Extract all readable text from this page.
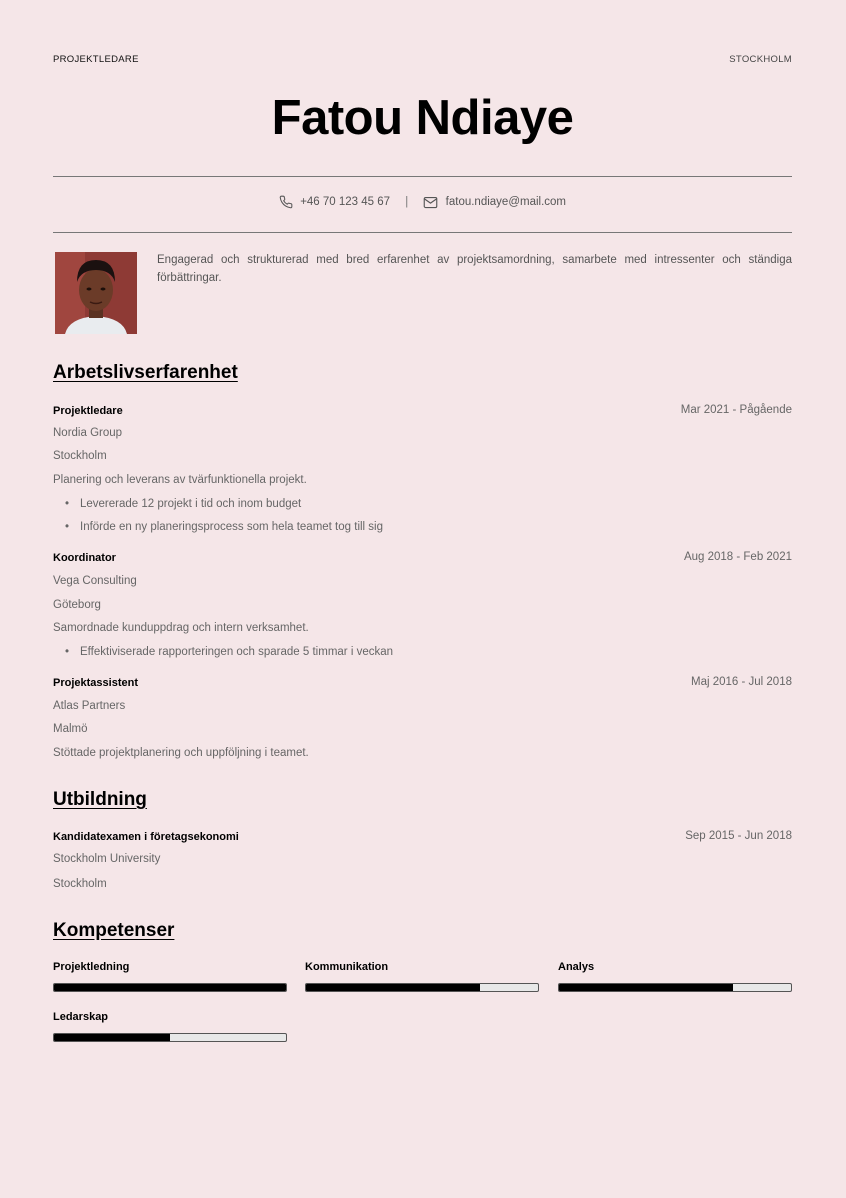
PROJEKTLEDARE	STOCKHOLM
Fatou Ndiaye
+46 70 123 45 67 |	fatou.ndiaye@mail.com
Engagerad och strukturerad med bred erfarenhet av projektsamordning, samarbete med intressenter och ständiga förbättringar.
Arbetslivserfarenhet
Projektledare	Mar 2021 - Pågående
Nordia Group
Stockholm
Planering och leverans av tvärfunktionella projekt.
• Levererade 12 projekt i tid och inom budget
• Införde en ny planeringsprocess som hela teamet tog till sig
Koordinator	Aug 2018 - Feb 2021
Vega Consulting
Göteborg
Samordnade kunduppdrag och intern verksamhet.
• Effektiviserade rapporteringen och sparade 5 timmar i veckan
Projektassistent	Maj 2016 - Jul 2018
Atlas Partners
Malmö
Stöttade projektplanering och uppföljning i teamet.
Utbildning
Kandidatexamen i företagsekonomi	Sep 2015 - Jun 2018
Stockholm University
Stockholm
Kompetenser
Projektledning	Kommunikation	Analys
Ledarskap
